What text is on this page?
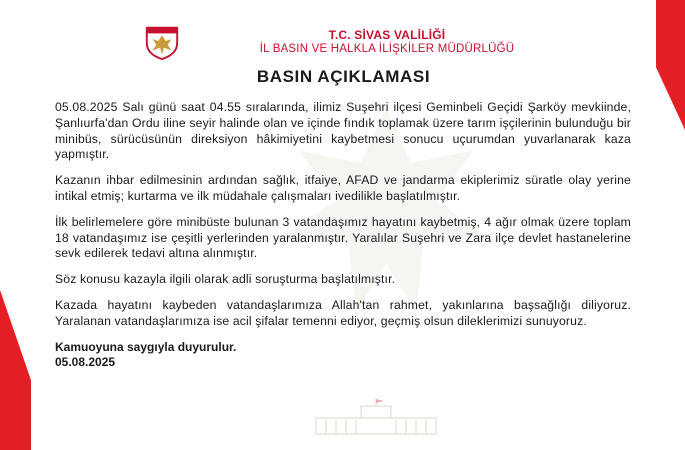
T.C. SİVAS VALİLİĞİ
İL BASIN VE HALKLA İLİŞKİLER MÜDÜRLÜĞÜ
BASIN AÇIKLAMASI

05.08.2025 Salı günü saat 04.55 sıralarında, ilimiz Suşehri ilçesi Geminbeli Geçidi Şarköy mevkiinde, Şanlıurfa'dan Ordu iline seyir halinde olan ve içinde fındık toplamak üzere tarım işçilerinin bulunduğu bir minibüs, sürücüsünün direksiyon hâkimiyetini kaybetmesi sonucu uçurumdan yuvarlanarak kaza yapmıştır.

Kazanın ihbar edilmesinin ardından sağlık, itfaiye, AFAD ve jandarma ekiplerimiz süratle olay yerine intikal etmiş; kurtarma ve ilk müdahale çalışmaları ivedilikle başlatılmıştır.

İlk belirlemelere göre minibüste bulunan 3 vatandaşımız hayatını kaybetmiş, 4 ağır olmak üzere toplam 18 vatandaşımız ise çeşitli yerlerinden yaralanmıştır. Yaralılar Suşehri ve Zara ilçe devlet hastanelerine sevk edilerek tedavi altına alınmıştır.

Söz konusu kazayla ilgili olarak adli soruşturma başlatılmıştır.

Kazada hayatını kaybeden vatandaşlarımıza Allah'tan rahmet, yakınlarına başsağlığı diliyoruz. Yaralanan vatandaşlarımıza ise acil şifalar temenni ediyor, geçmiş olsun dileklerimizi sunuyoruz.

Kamuoyuna saygıyla duyurulur.
05.08.2025
